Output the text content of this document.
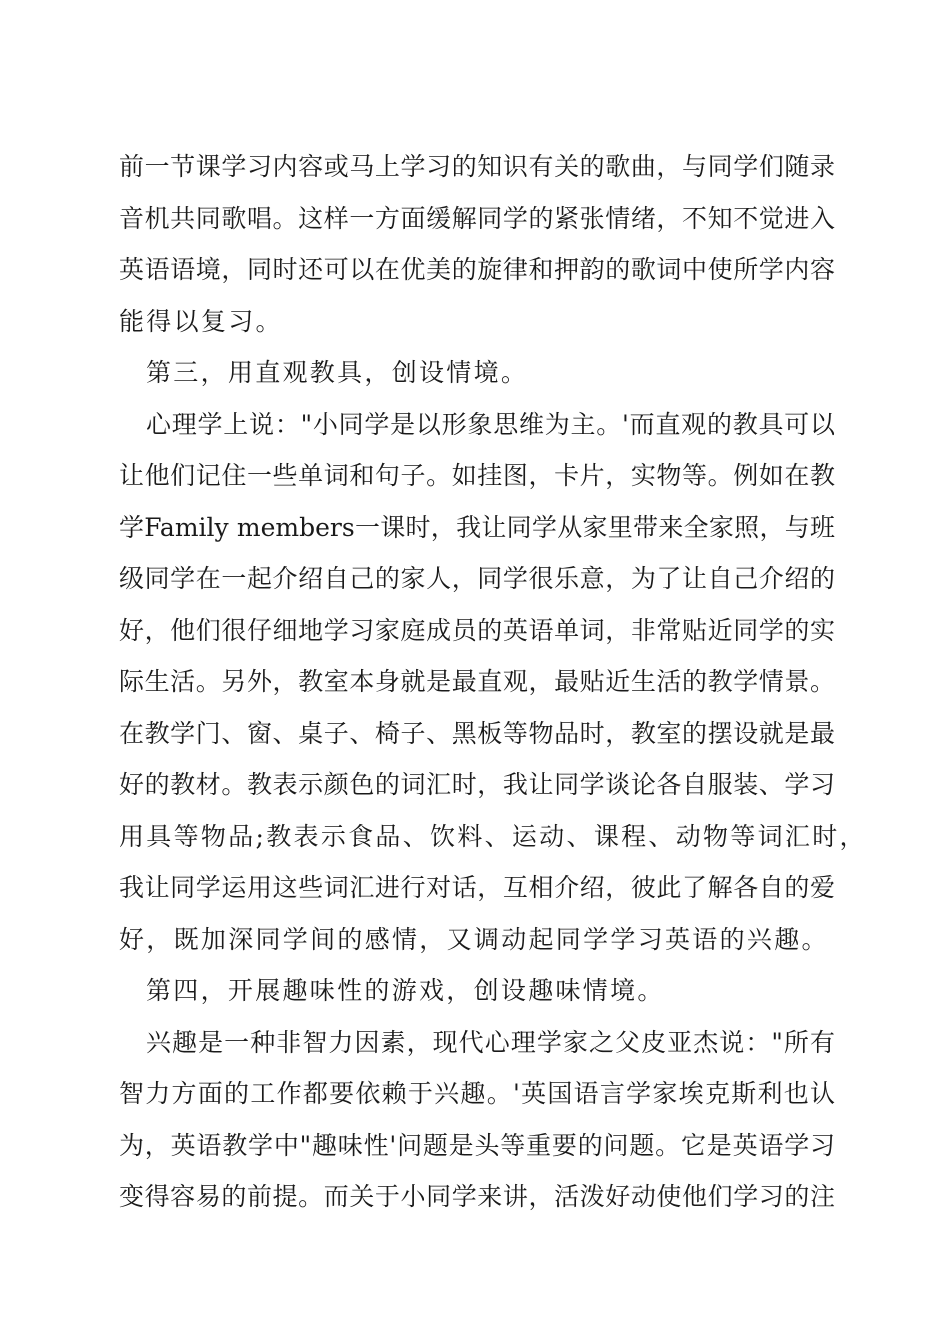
前一节课学习内容或马上学习的知识有关的歌曲，与同学们随录
音机共同歌唱。这样一方面缓解同学的紧张情绪，不知不觉进入
英语语境，同时还可以在优美的旋律和押韵的歌词中使所学内容
能得以复习。
第三，用直观教具，创设情境。
心理学上说："小同学是以形象思维为主。'而直观的教具可以
让他们记住一些单词和句子。如挂图，卡片，实物等。例如在教
学Family members一课时，我让同学从家里带来全家照，与班
级同学在一起介绍自己的家人，同学很乐意，为了让自己介绍的
好，他们很仔细地学习家庭成员的英语单词，非常贴近同学的实
际生活。另外，教室本身就是最直观，最贴近生活的教学情景。
在教学门、窗、桌子、椅子、黑板等物品时，教室的摆设就是最
好的教材。教表示颜色的词汇时，我让同学谈论各自服装、学习
用具等物品;教表示食品、饮料、运动、课程、动物等词汇时，
我让同学运用这些词汇进行对话，互相介绍，彼此了解各自的爱
好，既加深同学间的感情，又调动起同学学习英语的兴趣。
第四，开展趣味性的游戏，创设趣味情境。
兴趣是一种非智力因素，现代心理学家之父皮亚杰说："所有
智力方面的工作都要依赖于兴趣。'英国语言学家埃克斯利也认
为，英语教学中"趣味性'问题是头等重要的问题。它是英语学习
变得容易的前提。而关于小同学来讲，活泼好动使他们学习的注
